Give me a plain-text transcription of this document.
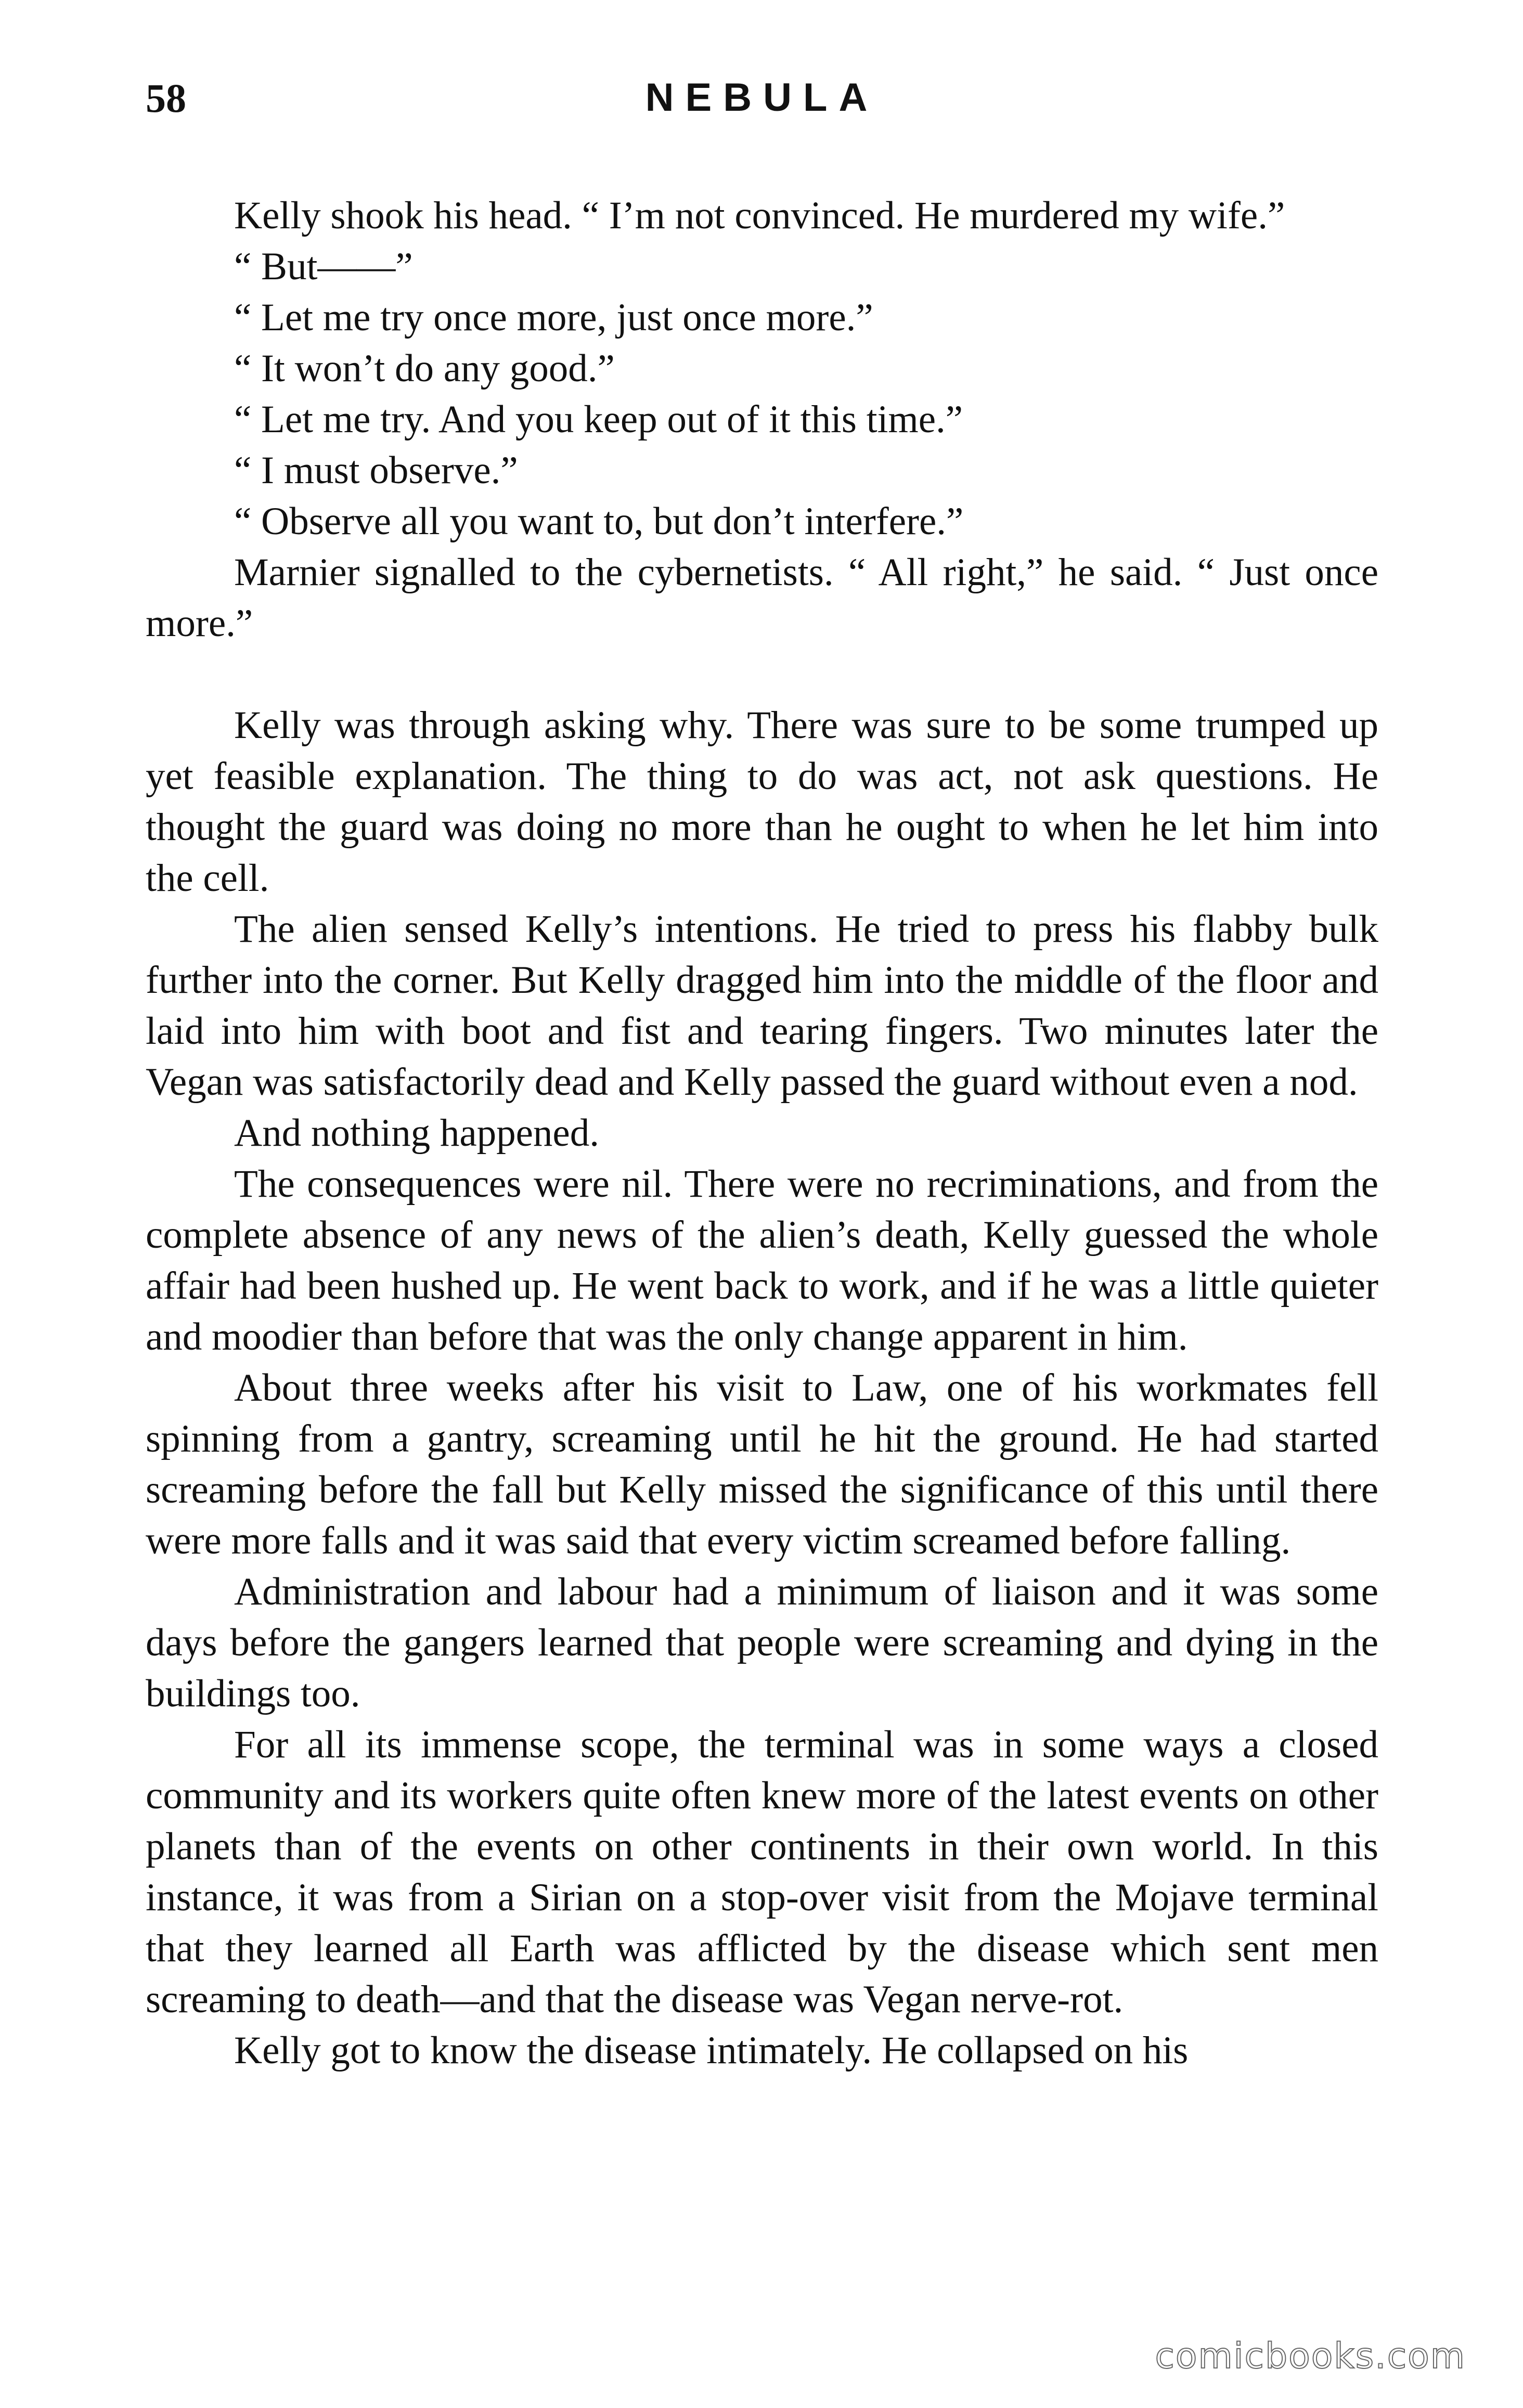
58	NEBULA

Kelly shook his head. “ I’m not convinced. He murdered my wife.”

“ But——”

“ Let me try once more, just once more.”

“ It won’t do any good.”

“ Let me try. And you keep out of it this time.”

“ I must observe.”

“ Observe all you want to, but don’t interfere.”

Marnier signalled to the cybernetists. “ All right,” he said. “ Just once more.”

Kelly was through asking why. There was sure to be some trumped up yet feasible explanation. The thing to do was act, not ask questions. He thought the guard was doing no more than he ought to when he let him into the cell.

The alien sensed Kelly’s intentions. He tried to press his flabby bulk further into the corner. But Kelly dragged him into the middle of the floor and laid into him with boot and fist and tearing fingers. Two minutes later the Vegan was satisfactorily dead and Kelly passed the guard without even a nod.

And nothing happened.

The consequences were nil. There were no recriminations, and from the complete absence of any news of the alien’s death, Kelly guessed the whole affair had been hushed up. He went back to work, and if he was a little quieter and moodier than before that was the only change apparent in him.

About three weeks after his visit to Law, one of his workmates fell spinning from a gantry, screaming until he hit the ground. He had started screaming before the fall but Kelly missed the significance of this until there were more falls and it was said that every victim screamed before falling.

Administration and labour had a minimum of liaison and it was some days before the gangers learned that people were screaming and dying in the buildings too.

For all its immense scope, the terminal was in some ways a closed community and its workers quite often knew more of the latest events on other planets than of the events on other continents in their own world. In this instance, it was from a Sirian on a stop-over visit from the Mojave terminal that they learned all Earth was afflicted by the disease which sent men screaming to death—and that the disease was Vegan nerve-rot.

Kelly got to know the disease intimately. He collapsed on his

comicbooks.com
